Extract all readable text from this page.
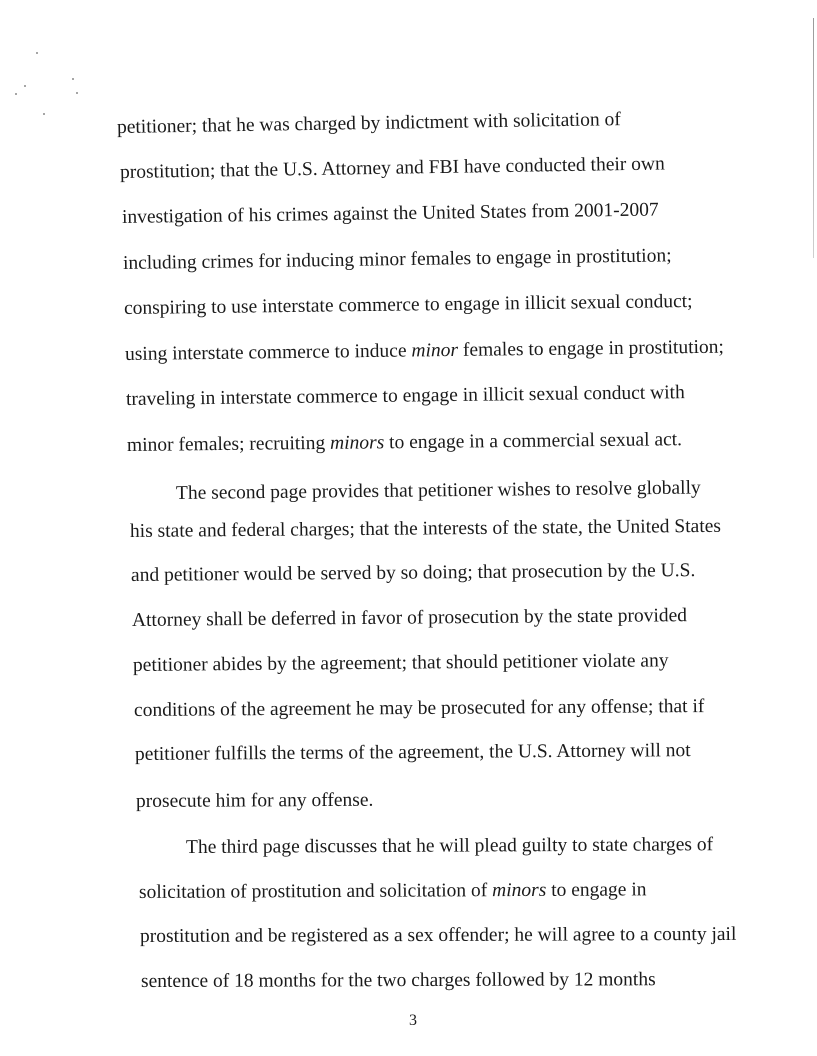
petitioner; that he was charged by indictment with solicitation of
prostitution; that the U.S. Attorney and FBI have conducted their own
investigation of his crimes against the United States from 2001-2007
including crimes for inducing minor females to engage in prostitution;
conspiring to use interstate commerce to engage in illicit sexual conduct;
using interstate commerce to induce minor females to engage in prostitution;
traveling in interstate commerce to engage in illicit sexual conduct with
minor females; recruiting minors to engage in a commercial sexual act.
The second page provides that petitioner wishes to resolve globally
his state and federal charges; that the interests of the state, the United States
and petitioner would be served by so doing; that prosecution by the U.S.
Attorney shall be deferred in favor of prosecution by the state provided
petitioner abides by the agreement; that should petitioner violate any
conditions of the agreement he may be prosecuted for any offense; that if
petitioner fulfills the terms of the agreement, the U.S. Attorney will not
prosecute him for any offense.
The third page discusses that he will plead guilty to state charges of
solicitation of prostitution and solicitation of minors to engage in
prostitution and be registered as a sex offender; he will agree to a county jail
sentence of 18 months for the two charges followed by 12 months
3
